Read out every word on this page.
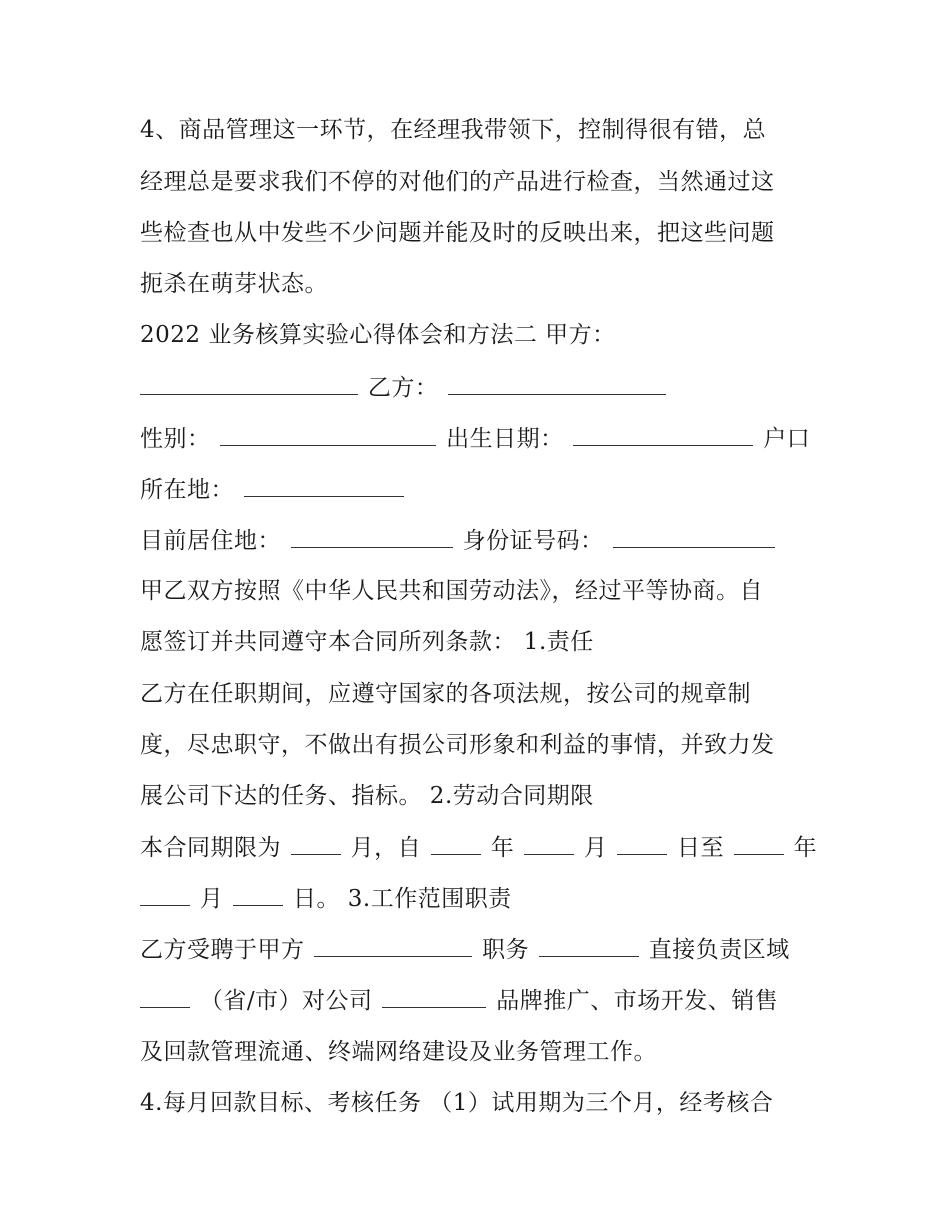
4、商品管理这一环节，在经理我带领下，控制得很有错，总
经理总是要求我们不停的对他们的产品进行检查，当然通过这
些检查也从中发些不少问题并能及时的反映出来，把这些问题
扼杀在萌芽状态。
2022 业务核算实验心得体会和方法二 甲方：
乙方：
性别：	出生日期：	户口
所在地：
目前居住地：	身份证号码：
甲乙双方按照《中华人民共和国劳动法》，经过平等协商。自
愿签订并共同遵守本合同所列条款： 1.责任
乙方在任职期间，应遵守国家的各项法规，按公司的规章制
度，尽忠职守，不做出有损公司形象和利益的事情，并致力发
展公司下达的任务、指标。 2.劳动合同期限
本合同期限为	月，自	年	月	日至	年
月	日。 3.工作范围职责
乙方受聘于甲方	职务	直接负责区域
（省/市）对公司	品牌推广、市场开发、销售
及回款管理流通、终端网络建设及业务管理工作。
4.每月回款目标、考核任务 （1）试用期为三个月，经考核合
